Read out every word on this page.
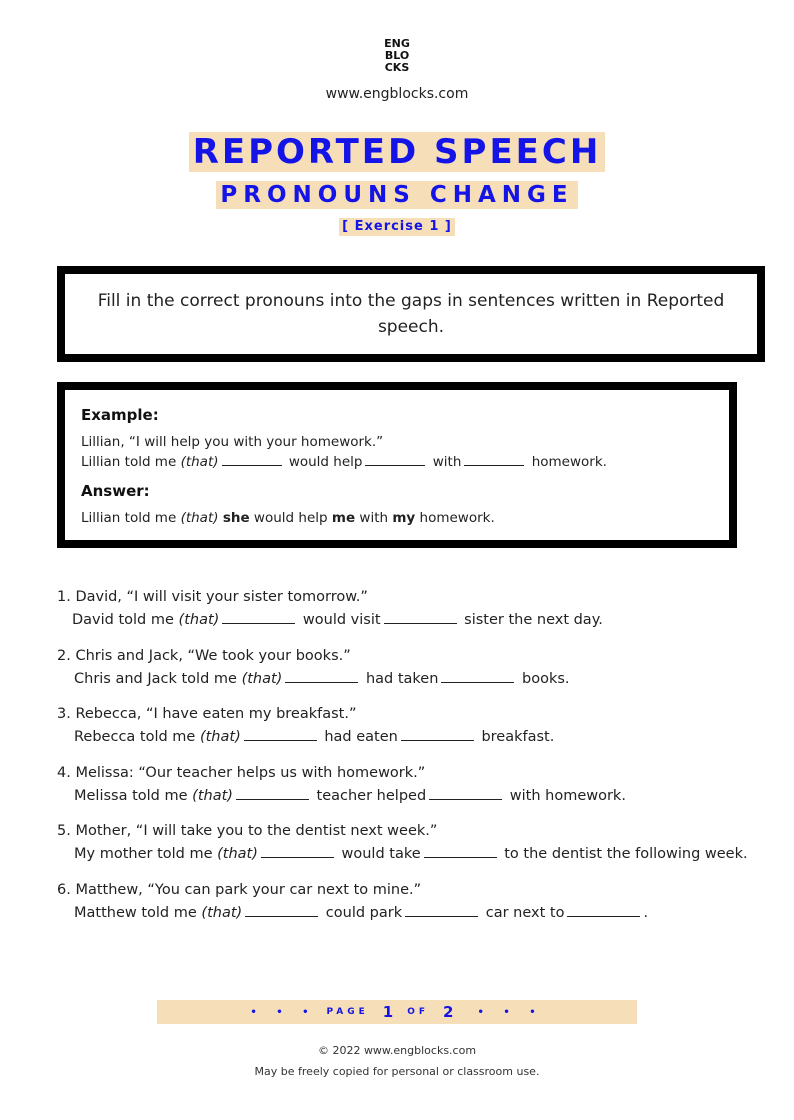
ENG
BLO
CKS
www.engblocks.com
REPORTED SPEECH
PRONOUNS CHANGE
[ Exercise 1 ]
Fill in the correct pronouns into the gaps in sentences written in Reported speech.
Example:
Lillian, “I will help you with your homework.”
Lillian told me (that)	would help	with	homework.
Answer:
Lillian told me (that) she would help me with my homework.
1. David, “I will visit your sister tomorrow.”
David told me (that)	would visit	sister the next day.
2. Chris and Jack, “We took your books.”
Chris and Jack told me (that)	had taken	books.
3. Rebecca, “I have eaten my breakfast.”
Rebecca told me (that)	had eaten	breakfast.
4. Melissa: “Our teacher helps us with homework.”
Melissa told me (that)	teacher helped	with homework.
5. Mother, “I will take you to the dentist next week.”
My mother told me (that)	would take	to the dentist the following week.
6. Matthew, “You can park your car next to mine.”
Matthew told me (that)	could park	car next to	.
• • • PAGE 1 OF 2 • • •
© 2022 www.engblocks.com
May be freely copied for personal or classroom use.
